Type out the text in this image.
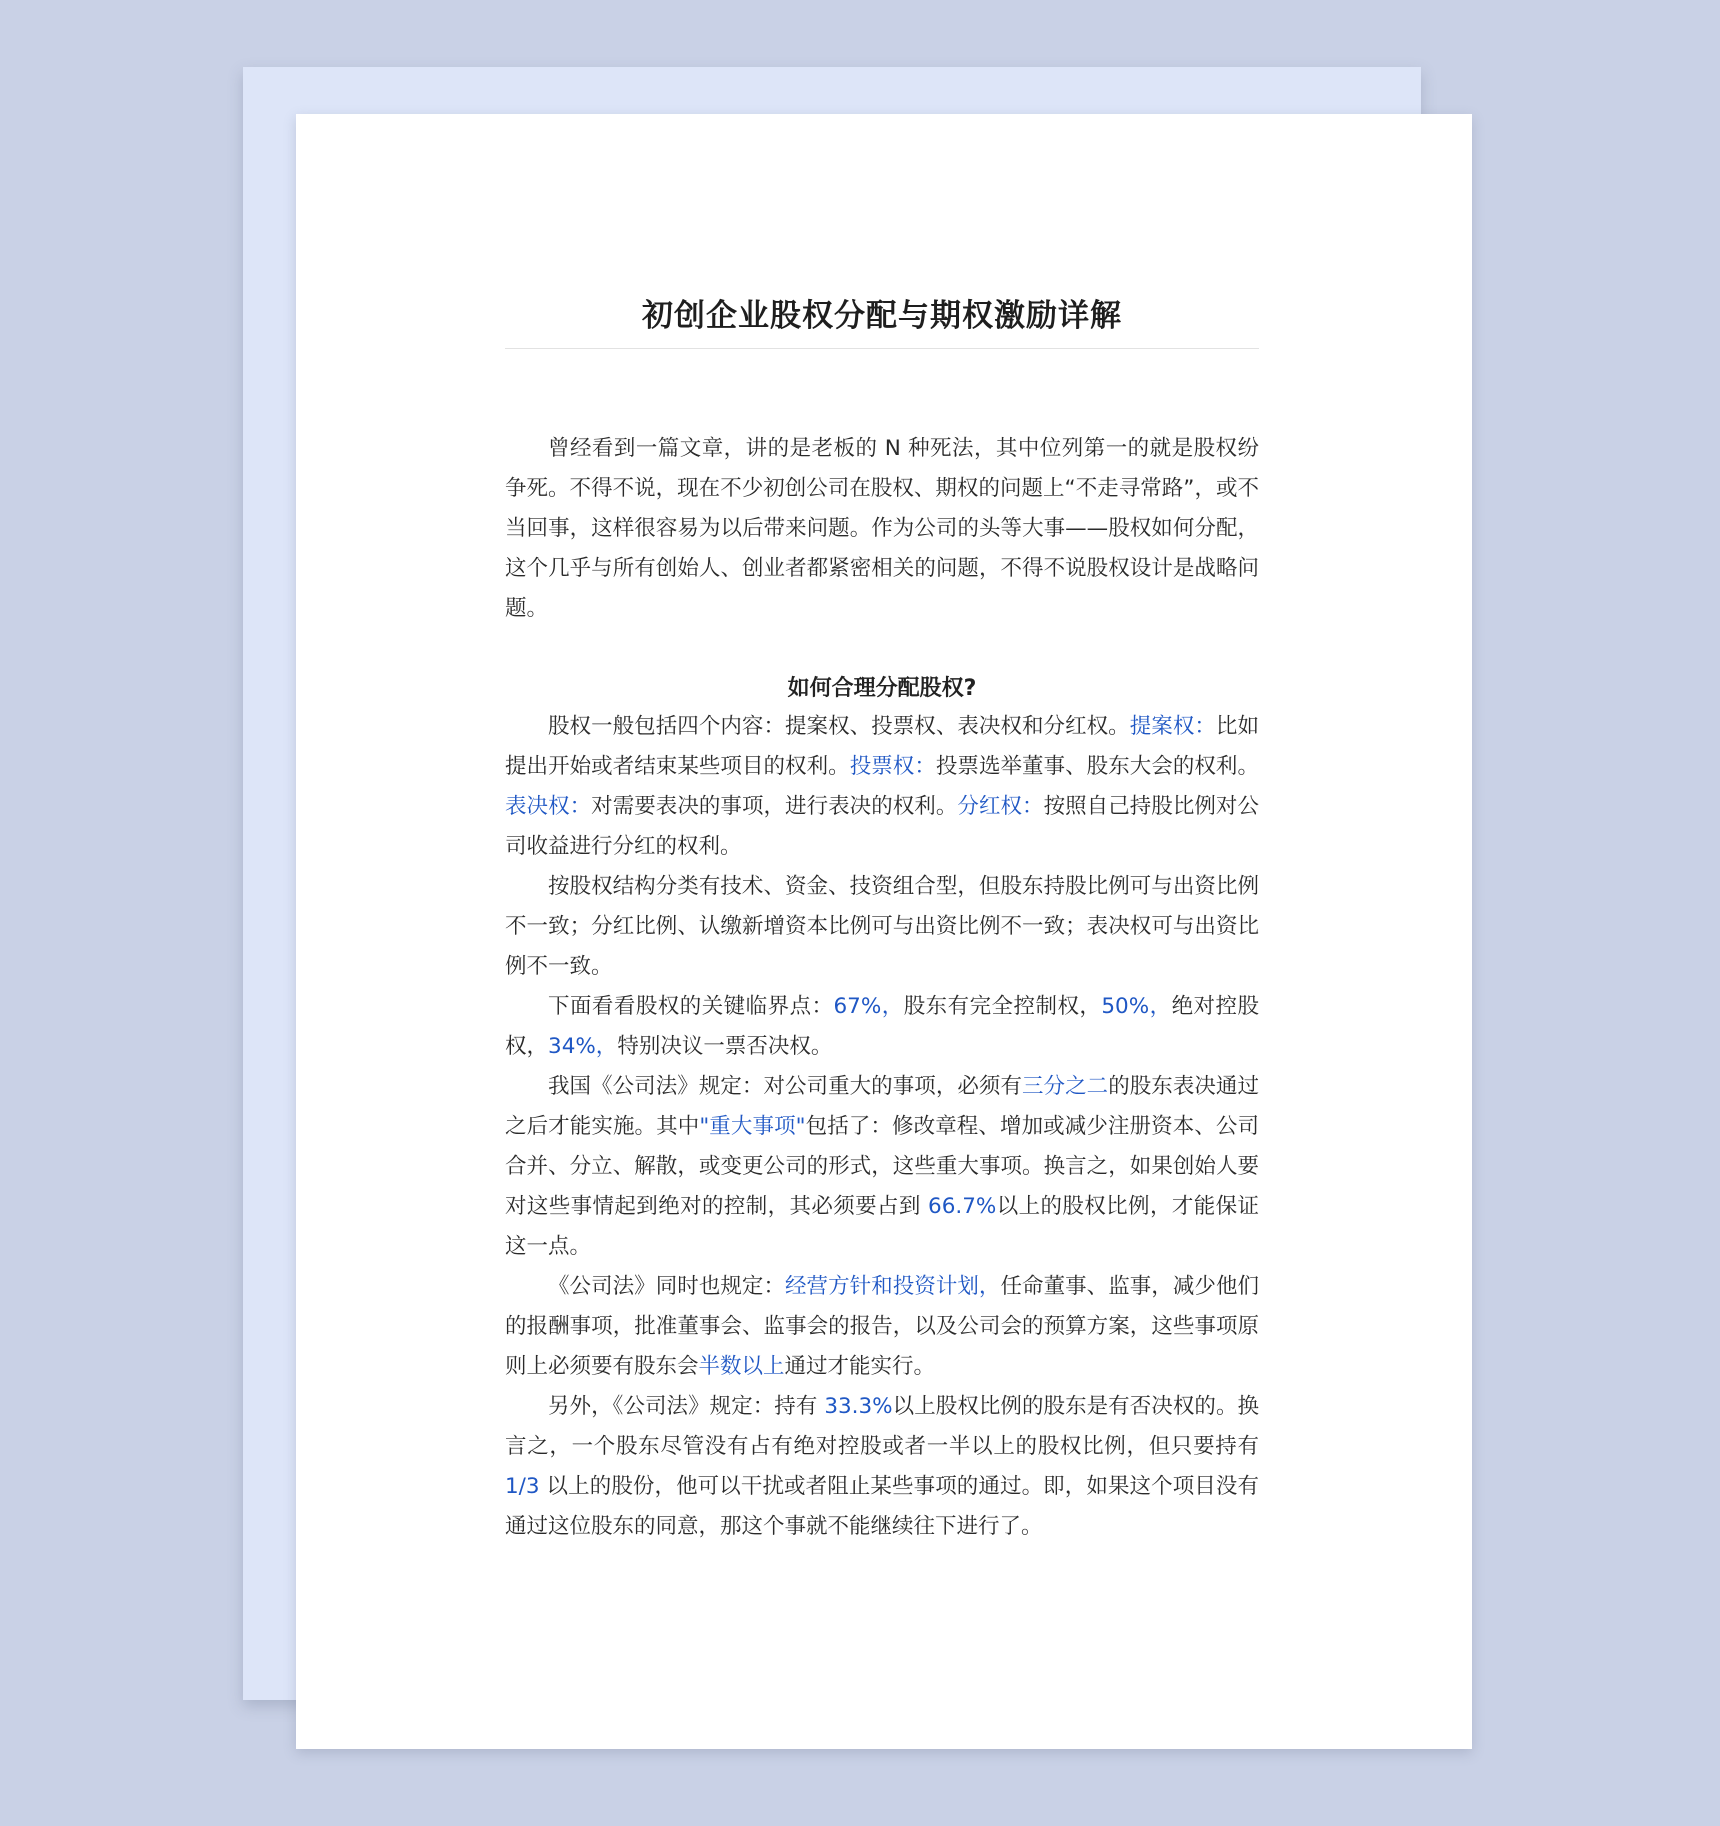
初创企业股权分配与期权激励详解

曾经看到一篇文章，讲的是老板的 N 种死法，其中位列第一的就是股权纷争死。不得不说，现在不少初创公司在股权、期权的问题上“不走寻常路”，或不当回事，这样很容易为以后带来问题。作为公司的头等大事——股权如何分配，这个几乎与所有创始人、创业者都紧密相关的问题，不得不说股权设计是战略问题。

如何合理分配股权?

股权一般包括四个内容：提案权、投票权、表决权和分红权。提案权：比如提出开始或者结束某些项目的权利。投票权：投票选举董事、股东大会的权利。表决权：对需要表决的事项，进行表决的权利。分红权：按照自己持股比例对公司收益进行分红的权利。

按股权结构分类有技术、资金、技资组合型，但股东持股比例可与出资比例不一致；分红比例、认缴新增资本比例可与出资比例不一致；表决权可与出资比例不一致。

下面看看股权的关键临界点：67%，股东有完全控制权，50%，绝对控股权，34%，特别决议一票否决权。

我国《公司法》规定：对公司重大的事项，必须有三分之二的股东表决通过之后才能实施。其中"重大事项"包括了：修改章程、增加或减少注册资本、公司合并、分立、解散，或变更公司的形式，这些重大事项。换言之，如果创始人要对这些事情起到绝对的控制，其必须要占到 66.7%以上的股权比例，才能保证这一点。

《公司法》同时也规定：经营方针和投资计划，任命董事、监事，减少他们的报酬事项，批准董事会、监事会的报告，以及公司会的预算方案，这些事项原则上必须要有股东会半数以上通过才能实行。

另外，《公司法》规定：持有 33.3%以上股权比例的股东是有否决权的。换言之，一个股东尽管没有占有绝对控股或者一半以上的股权比例，但只要持有 1/3 以上的股份，他可以干扰或者阻止某些事项的通过。即，如果这个项目没有通过这位股东的同意，那这个事就不能继续往下进行了。
